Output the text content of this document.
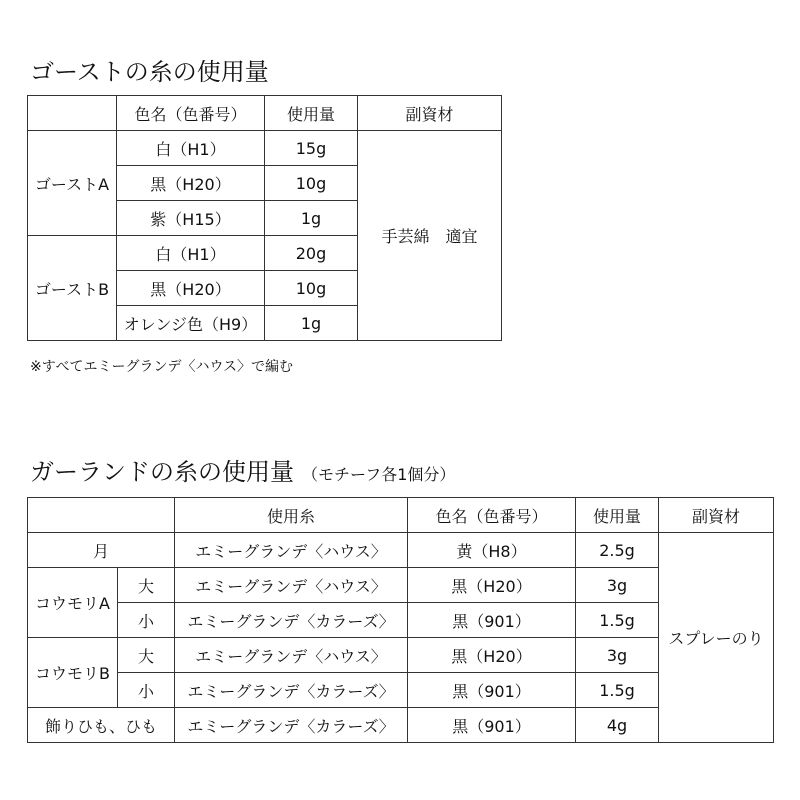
ゴーストの糸の使用量
	色名（色番号）	使用量	副資材
ゴーストA	白（H1）	15g	手芸綿　適宜
	黒（H20）	10g	
	紫（H15）	1g	
ゴーストB	白（H1）	20g	
	黒（H20）	10g	
	オレンジ色（H9）	1g	

※すべてエミーグランデ〈ハウス〉で編む

ガーランドの糸の使用量 （モチーフ各1個分）
		使用糸	色名（色番号）	使用量	副資材
月		エミーグランデ〈ハウス〉	黄（H8）	2.5g	スプレーのり
コウモリA	大	エミーグランデ〈ハウス〉	黒（H20）	3g	
	小	エミーグランデ〈カラーズ〉	黒（901）	1.5g	
コウモリB	大	エミーグランデ〈ハウス〉	黒（H20）	3g	
	小	エミーグランデ〈カラーズ〉	黒（901）	1.5g	
飾りひも、ひも		エミーグランデ〈カラーズ〉	黒（901）	4g	
